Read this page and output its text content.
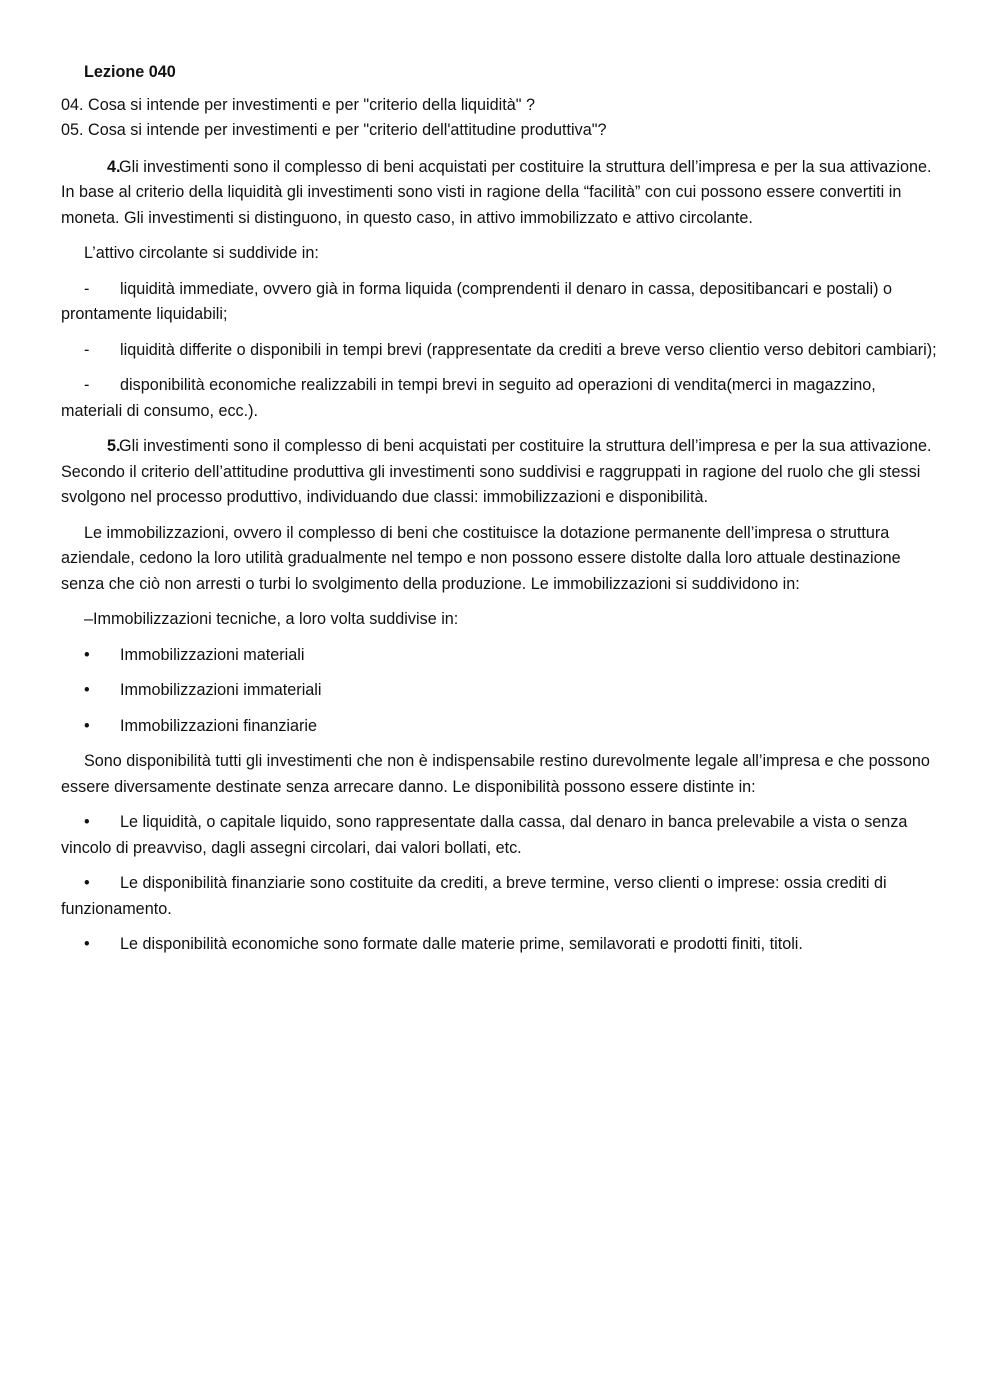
Lezione 040
04. Cosa si intende per investimenti e per "criterio della liquidità" ?
05. Cosa si intende per investimenti e per "criterio dell'attitudine produttiva"?

4.Gli investimenti sono il complesso di beni acquistati per costituire la struttura dell’impresa e per la sua attivazione. In base al criterio della liquidità gli investimenti sono visti in ragione della “facilità” con cui possono essere convertiti in moneta. Gli investimenti si distinguono, in questo caso, in attivo immobilizzato e attivo circolante.

L’attivo circolante si suddivide in:

- liquidità immediate, ovvero già in forma liquida (comprendenti il denaro in cassa, depositibancari e postali) o prontamente liquidabili;
- liquidità differite o disponibili in tempi brevi (rappresentate da crediti a breve verso clientio verso debitori cambiari);
- disponibilità economiche realizzabili in tempi brevi in seguito ad operazioni di vendita(merci in magazzino, materiali di consumo, ecc.).

5.Gli investimenti sono il complesso di beni acquistati per costituire la struttura dell’impresa e per la sua attivazione. Secondo il criterio dell’attitudine produttiva gli investimenti sono suddivisi e raggruppati in ragione del ruolo che gli stessi svolgono nel processo produttivo, individuando due classi: immobilizzazioni e disponibilità.

Le immobilizzazioni, ovvero il complesso di beni che costituisce la dotazione permanente dell’impresa o struttura aziendale, cedono la loro utilità gradualmente nel tempo e non possono essere distolte dalla loro attuale destinazione senza che ciò non arresti o turbi lo svolgimento della produzione. Le immobilizzazioni si suddividono in:

–Immobilizzazioni tecniche, a loro volta suddivise in:
• Immobilizzazioni materiali
• Immobilizzazioni immateriali
• Immobilizzazioni finanziarie

Sono disponibilità tutti gli investimenti che non è indispensabile restino durevolmente legale all’impresa e che possono essere diversamente destinate senza arrecare danno. Le disponibilità possono essere distinte in:

• Le liquidità, o capitale liquido, sono rappresentate dalla cassa, dal denaro in banca prelevabile a vista o senza vincolo di preavviso, dagli assegni circolari, dai valori bollati, etc.
• Le disponibilità finanziarie sono costituite da crediti, a breve termine, verso clienti o imprese: ossia crediti di funzionamento.
• Le disponibilità economiche sono formate dalle materie prime, semilavorati e prodotti finiti, titoli.
